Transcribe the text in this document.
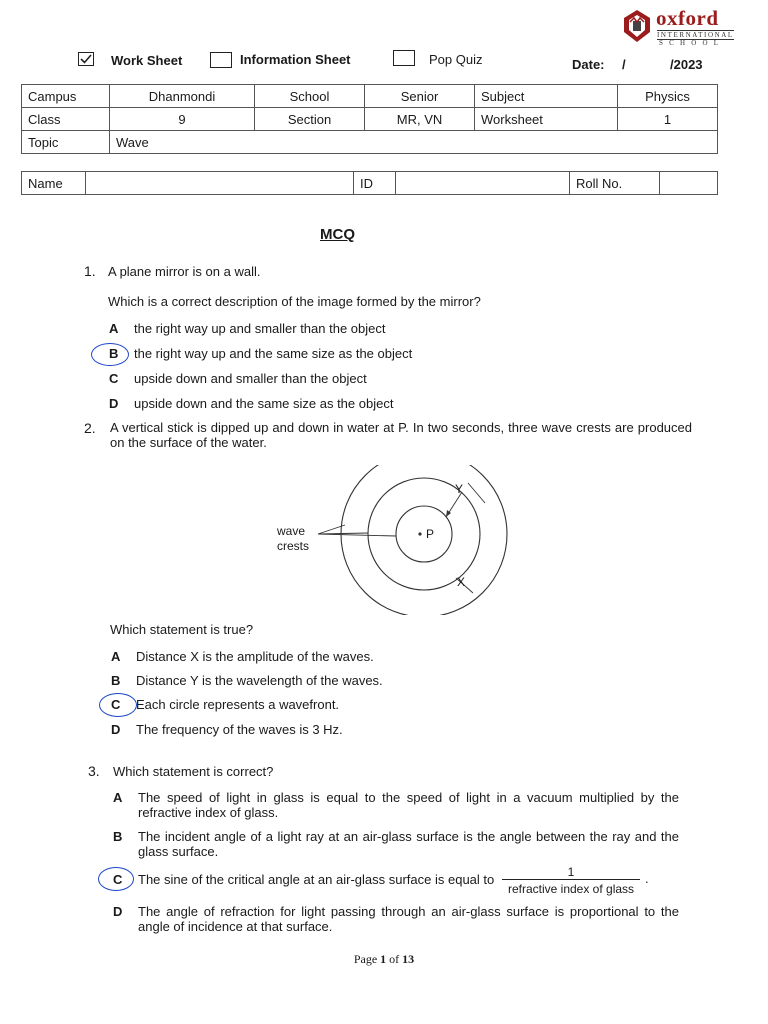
oxford
INTERNATIONAL
SCHOOL
Work Sheet	Information Sheet	Pop Quiz	Date: /	/2023
Campus	Dhanmondi	School	Senior	Subject	Physics
Class	9	Section	MR, VN	Worksheet	1
Topic	Wave				
Name		ID		Roll No.	
MCQ
1. A plane mirror is on a wall.
Which is a correct description of the image formed by the mirror?
A the right way up and smaller than the object
B the right way up and the same size as the object
C upside down and smaller than the object
D upside down and the same size as the object
2. A vertical stick is dipped up and down in water at P. In two seconds, three wave crests are produced on the surface of the water.
wave
crests
P
Y
X
Which statement is true?
A Distance X is the amplitude of the waves.
B Distance Y is the wavelength of the waves.
C Each circle represents a wavefront.
D The frequency of the waves is 3 Hz.
3. Which statement is correct?
A The speed of light in glass is equal to the speed of light in a vacuum multiplied by the refractive index of glass.
B The incident angle of a light ray at an air-glass surface is the angle between the ray and the glass surface.
C The sine of the critical angle at an air-glass surface is equal to	1
refractive index of glass
.
D The angle of refraction for light passing through an air-glass surface is proportional to the angle of incidence at that surface.
Page 1 of 13
